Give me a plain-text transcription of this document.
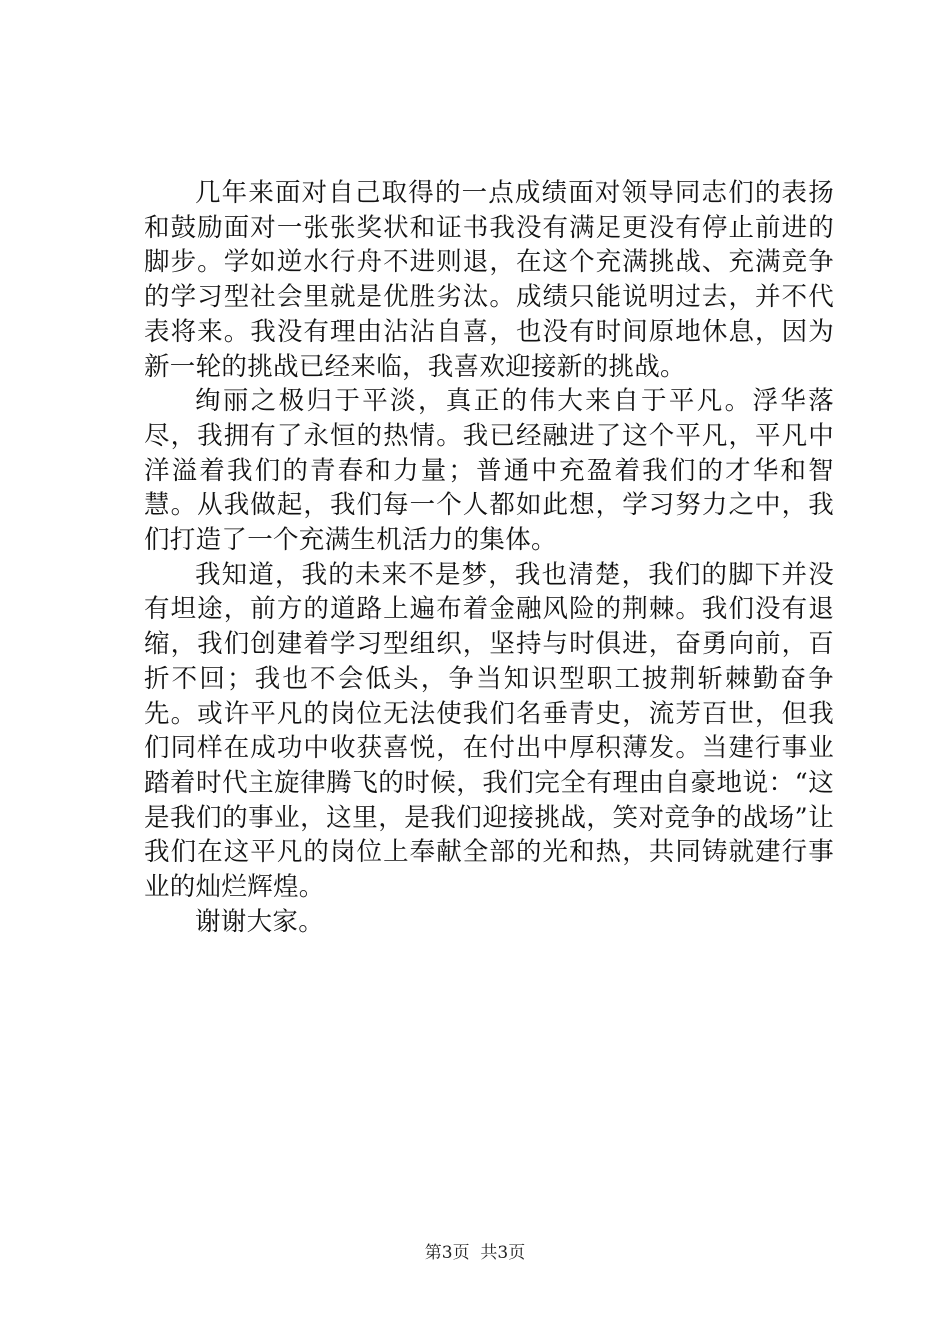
几年来面对自己取得的一点成绩面对领导同志们的表扬和鼓励面对一张张奖状和证书我没有满足更没有停止前进的脚步。学如逆水行舟不进则退，在这个充满挑战、充满竞争的学习型社会里就是优胜劣汰。成绩只能说明过去，并不代表将来。我没有理由沾沾自喜，也没有时间原地休息，因为新一轮的挑战已经来临，我喜欢迎接新的挑战。

绚丽之极归于平淡，真正的伟大来自于平凡。浮华落尽，我拥有了永恒的热情。我已经融进了这个平凡，平凡中洋溢着我们的青春和力量；普通中充盈着我们的才华和智慧。从我做起，我们每一个人都如此想，学习努力之中，我们打造了一个充满生机活力的集体。

我知道，我的未来不是梦，我也清楚，我们的脚下并没有坦途，前方的道路上遍布着金融风险的荆棘。我们没有退缩，我们创建着学习型组织，坚持与时俱进，奋勇向前，百折不回；我也不会低头，争当知识型职工披荆斩棘勤奋争先。或许平凡的岗位无法使我们名垂青史，流芳百世，但我们同样在成功中收获喜悦，在付出中厚积薄发。当建行事业踏着时代主旋律腾飞的时候，我们完全有理由自豪地说：“这是我们的事业，这里，是我们迎接挑战，笑对竞争的战场”让我们在这平凡的岗位上奉献全部的光和热，共同铸就建行事业的灿烂辉煌。

谢谢大家。

第3页  共3页
